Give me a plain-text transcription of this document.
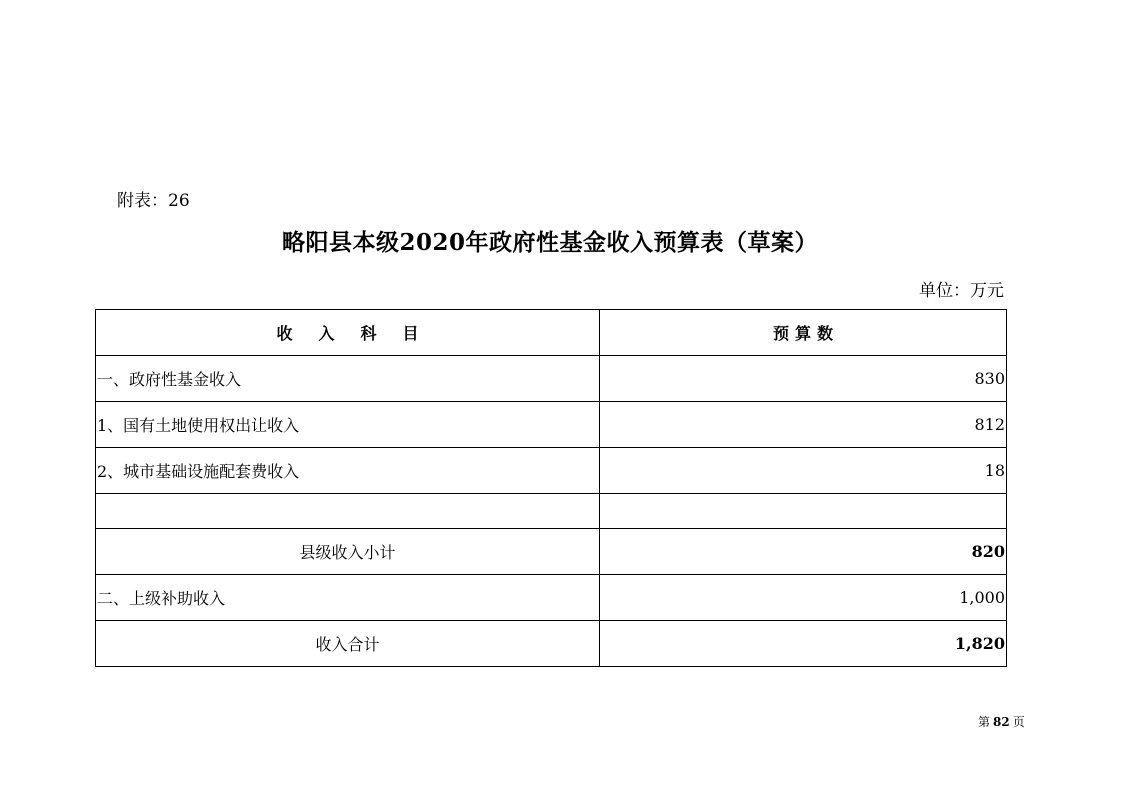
附表：26
略阳县本级2020年政府性基金收入预算表（草案）
单位：万元
收入科目	预算数
一、政府性基金收入	830
1、国有土地使用权出让收入	812
2、城市基础设施配套费收入	18

县级收入小计	820
二、上级补助收入	1,000
收入合计	1,820
第 82 页
